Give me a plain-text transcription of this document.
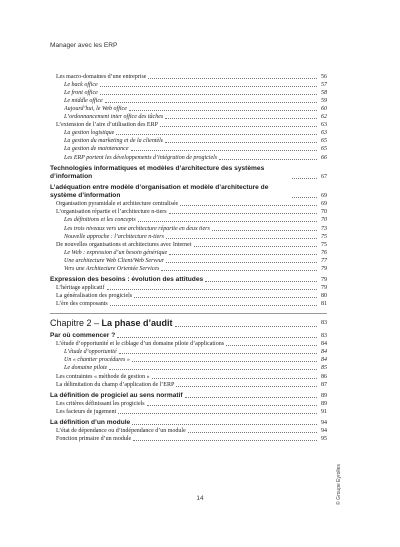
Manager avec les ERP
Les macro-domaines d’une entreprise	56
Le back office	57
Le front office	58
Le middle office	59
Aujourd’hui, le Web office	60
L’ordonnancement inter office des tâches	62
L’extension de l’aire d’utilisation des ERP	63
La gestion logistique	63
La gestion du marketing et de la clientèle	65
La gestion de maintenance	65
Les ERP portent les développements d’intégration de progiciels	66
Technologies informatiques et modèles d’architecture des systèmes d’information	67
L’adéquation entre modèle d’organisation et modèle d’architecture de système d’information	69
Organisation pyramidale et architecture centralisée	69
L’organisation répartie et l’architecture n-tiers	70
Les définitions et les concepts	70
Les trois niveaux vers une architecture répartie en deux tiers	73
Nouvelle approche : l’architecture n-tiers	75
De nouvelles organisations et architectures avec Internet	75
Le Web : expression d’un besoin générique	76
Une architecture Web Client/Web Serveur	77
Vers une Architecture Orientée Services	79
Expression des besoins : évolution des attitudes	79
L’héritage applicatif	79
La généralisation des progiciels	80
L’ère des composants	81
Chapitre 2 – La phase d’audit	83
Par où commencer ?	83
L’étude d’opportunité et le ciblage d’un domaine pilote d’applications	84
L’étude d’opportunité	84
Un « chantier procédures »	84
Le domaine pilote	85
Les contraintes « méthode de gestion »	86
La délimitation du champ d’application de l’ERP	87
La définition de progiciel au sens normatif	89
Les critères définissant les progiciels	89
Les facteurs de jugement	91
La définition d’un module	94
L’état de dépendance ou d’indépendance d’un module	94
Fonction primaire d’un module	95
14	© Groupe Eyrolles
